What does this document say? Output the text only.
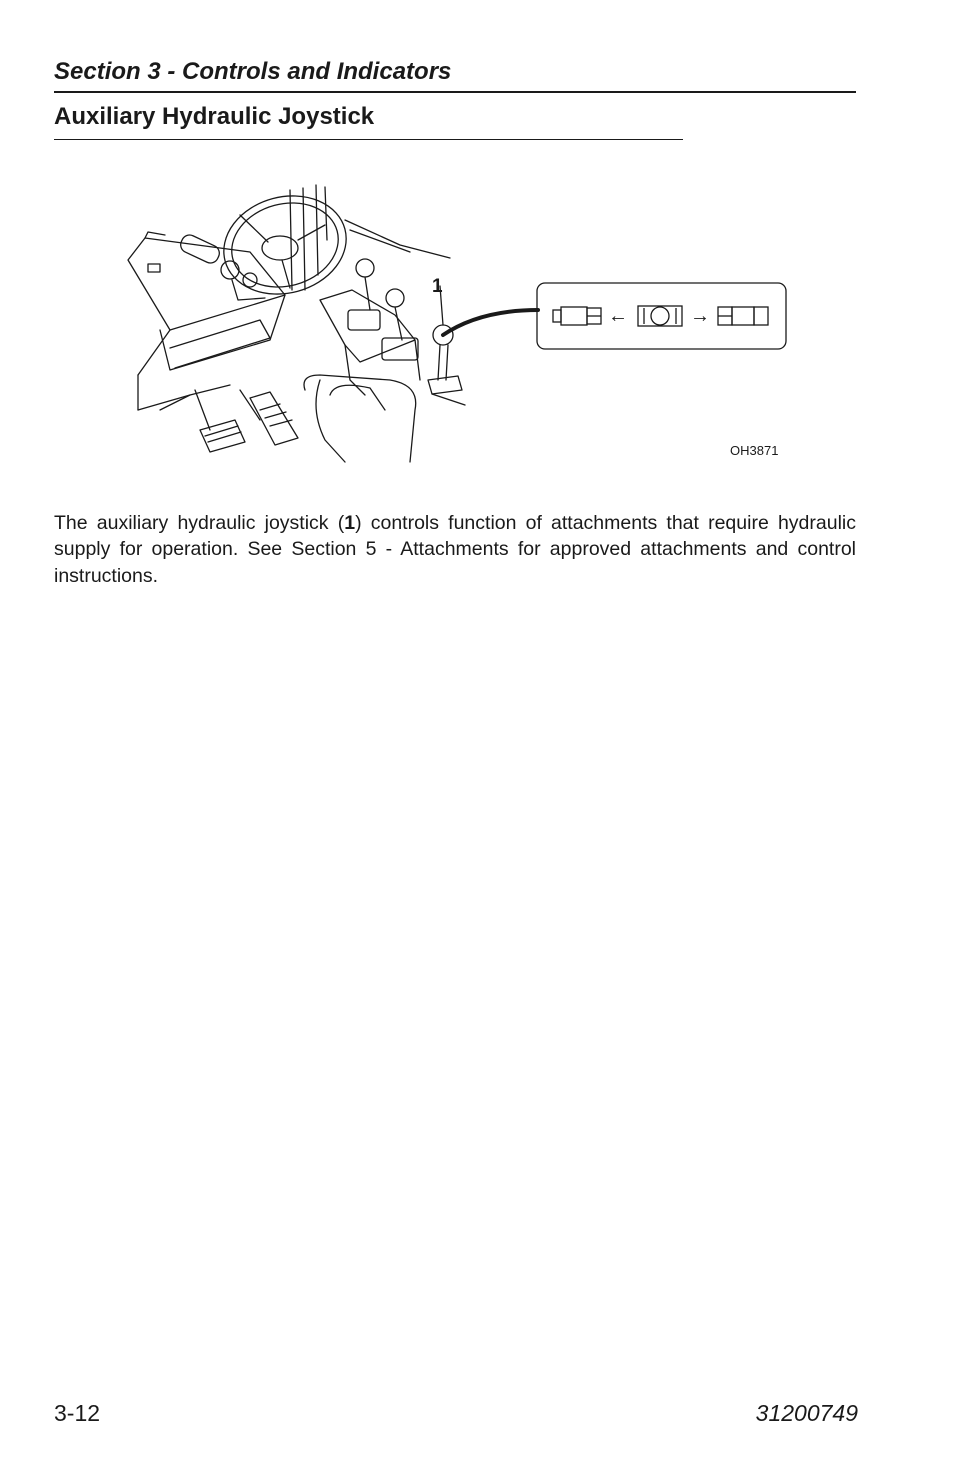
Section 3 - Controls and Indicators
Auxiliary Hydraulic Joystick
←	→
1
OH3871

The auxiliary hydraulic joystick (1) controls function of attachments that require hydraulic supply for operation. See Section 5 - Attachments for approved attachments and control instructions.

3-12	31200749
